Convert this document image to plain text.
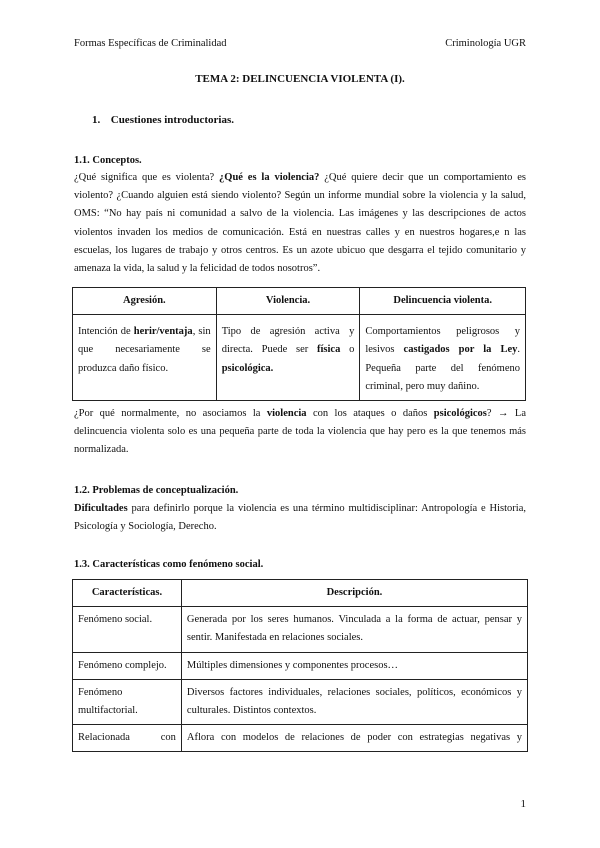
Formas Específicas de Criminalidad	Criminología UGR
TEMA 2: DELINCUENCIA VIOLENTA (I).
1. Cuestiones introductorias.
1.1. Conceptos.
¿Qué significa que es violenta? ¿Qué es la violencia? ¿Qué quiere decir que un comportamiento es violento? ¿Cuando alguien está siendo violento? Según un informe mundial sobre la violencia y la salud, OMS: “No hay país ni comunidad a salvo de la violencia. Las imágenes y las descripciones de actos violentos invaden los medios de comunicación. Está en nuestras calles y en nuestros hogares,e n las escuelas, los lugares de trabajo y otros centros. Es un azote ubicuo que desgarra el tejido comunitario y amenaza la vida, la salud y la felicidad de todos nosotros”.
Agresión.	Violencia.	Delincuencia violenta.
Intención de herir/ventaja, sin que necesariamente se produzca daño físico.	Tipo de agresión activa y directa. Puede ser física o psicológica.	Comportamientos peligrosos y lesivos castigados por la Ley. Pequeña parte del fenómeno criminal, pero muy dañino.
¿Por qué normalmente, no asociamos la violencia con los ataques o daños psicológicos? → La delincuencia violenta solo es una pequeña parte de toda la violencia que hay pero es la que tenemos más normalizada.
1.2. Problemas de conceptualización.
Dificultades para definirlo porque la violencia es una término multidisciplinar: Antropología e Historia, Psicología y Sociología, Derecho.
1.3. Características como fenómeno social.
Características.	Descripción.
Fenómeno social.	Generada por los seres humanos. Vinculada a la forma de actuar, pensar y sentir. Manifestada en relaciones sociales.
Fenómeno complejo.	Múltiples dimensiones y componentes procesos…
Fenómeno multifactorial.	Diversos factores individuales, relaciones sociales, políticos, económicos y culturales. Distintos contextos.
Relacionada con	Aflora con modelos de relaciones de poder con estrategias negativas y
1
